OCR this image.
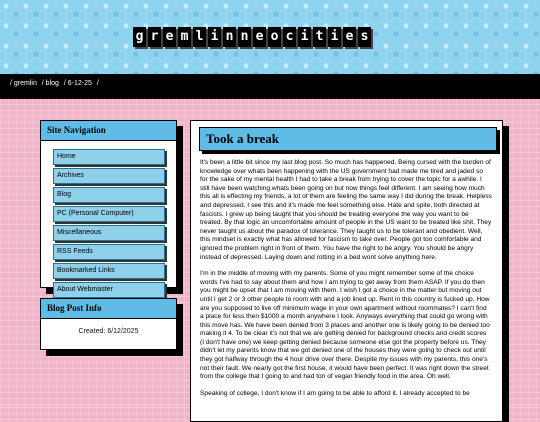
g r e m l i n n e o c i t i e s
/ gremlin / blog / 6-12-25 /
Site Navigation
Home
Archives
Blog
PC (Personal Computer)
Miscellaneous
RSS Feeds
Bookmarked Links
About Webmaster
Blog Post Info
Created: 6/12/2025
Took a break

It's been a little bit since my last blog post. So much has happened. Being cursed with the burden of knowledge over whats been happening with the US government had made me tired and jaded so for the sake of my mental health I had to take a break from trying to cover the topic for a awhile. I still have been watching whats been going on but now things feel different. I am seeing how much this all is effecting my friends, a lot of them are feeling the same way I did during the break. Helpless and depressed. I see this and it's made me feel something else. Hate and spite, both directed at fascists. I grew up being taught that you should be treating everyone the way you want to be treated. By that logic an uncomfortable amount of people in the US want to be treated like shit. They never taught us about the paradox of tolerance. They taught us to be tolerant and obedient. Well, this mindset is exactly what has allowed for fascism to take over. People got too comfortable and ignored the problem right in front of them. You have the right to be angry. You should be angry instead of depressed. Laying down and rotting in a bed wont solve anything here.

I'm in the middle of moving with my parents. Some of you might remember some of the choice words I've had to say about them and how I am trying to get away from them ASAP. If you do then you might be upset that I am moving with them. I wish I got a choice in the matter but moving out until I get 2 or 3 other people to room with and a job lined up. Rent in this country is fucked up. How are you supposed to live off minimum wage in your own apartment without roommates? I can't find a place for less then $1000 a month anywhere I look. Anyways everything that could go wrong with this move has. We have been denied from 3 places and another one is likely going to be denied too making it 4. To be clear it's not that we are getting denied for background checks and credit scores (I don't have one) we keep getting denied because someone else got the property before us. They didn't let my parents know that we got denied one of the houses they were going to check out until they got halfway through the 4 hour drive over there. Despite my issues with my parents, this one's not their fault. We nearly got the first house, it would have been perfect. It was right down the street from the college that I going to and had ton of vegan friendly food in the area. Oh well.

Speaking of college, I don't know if I am going to be able to afford it. I already accepted to be
